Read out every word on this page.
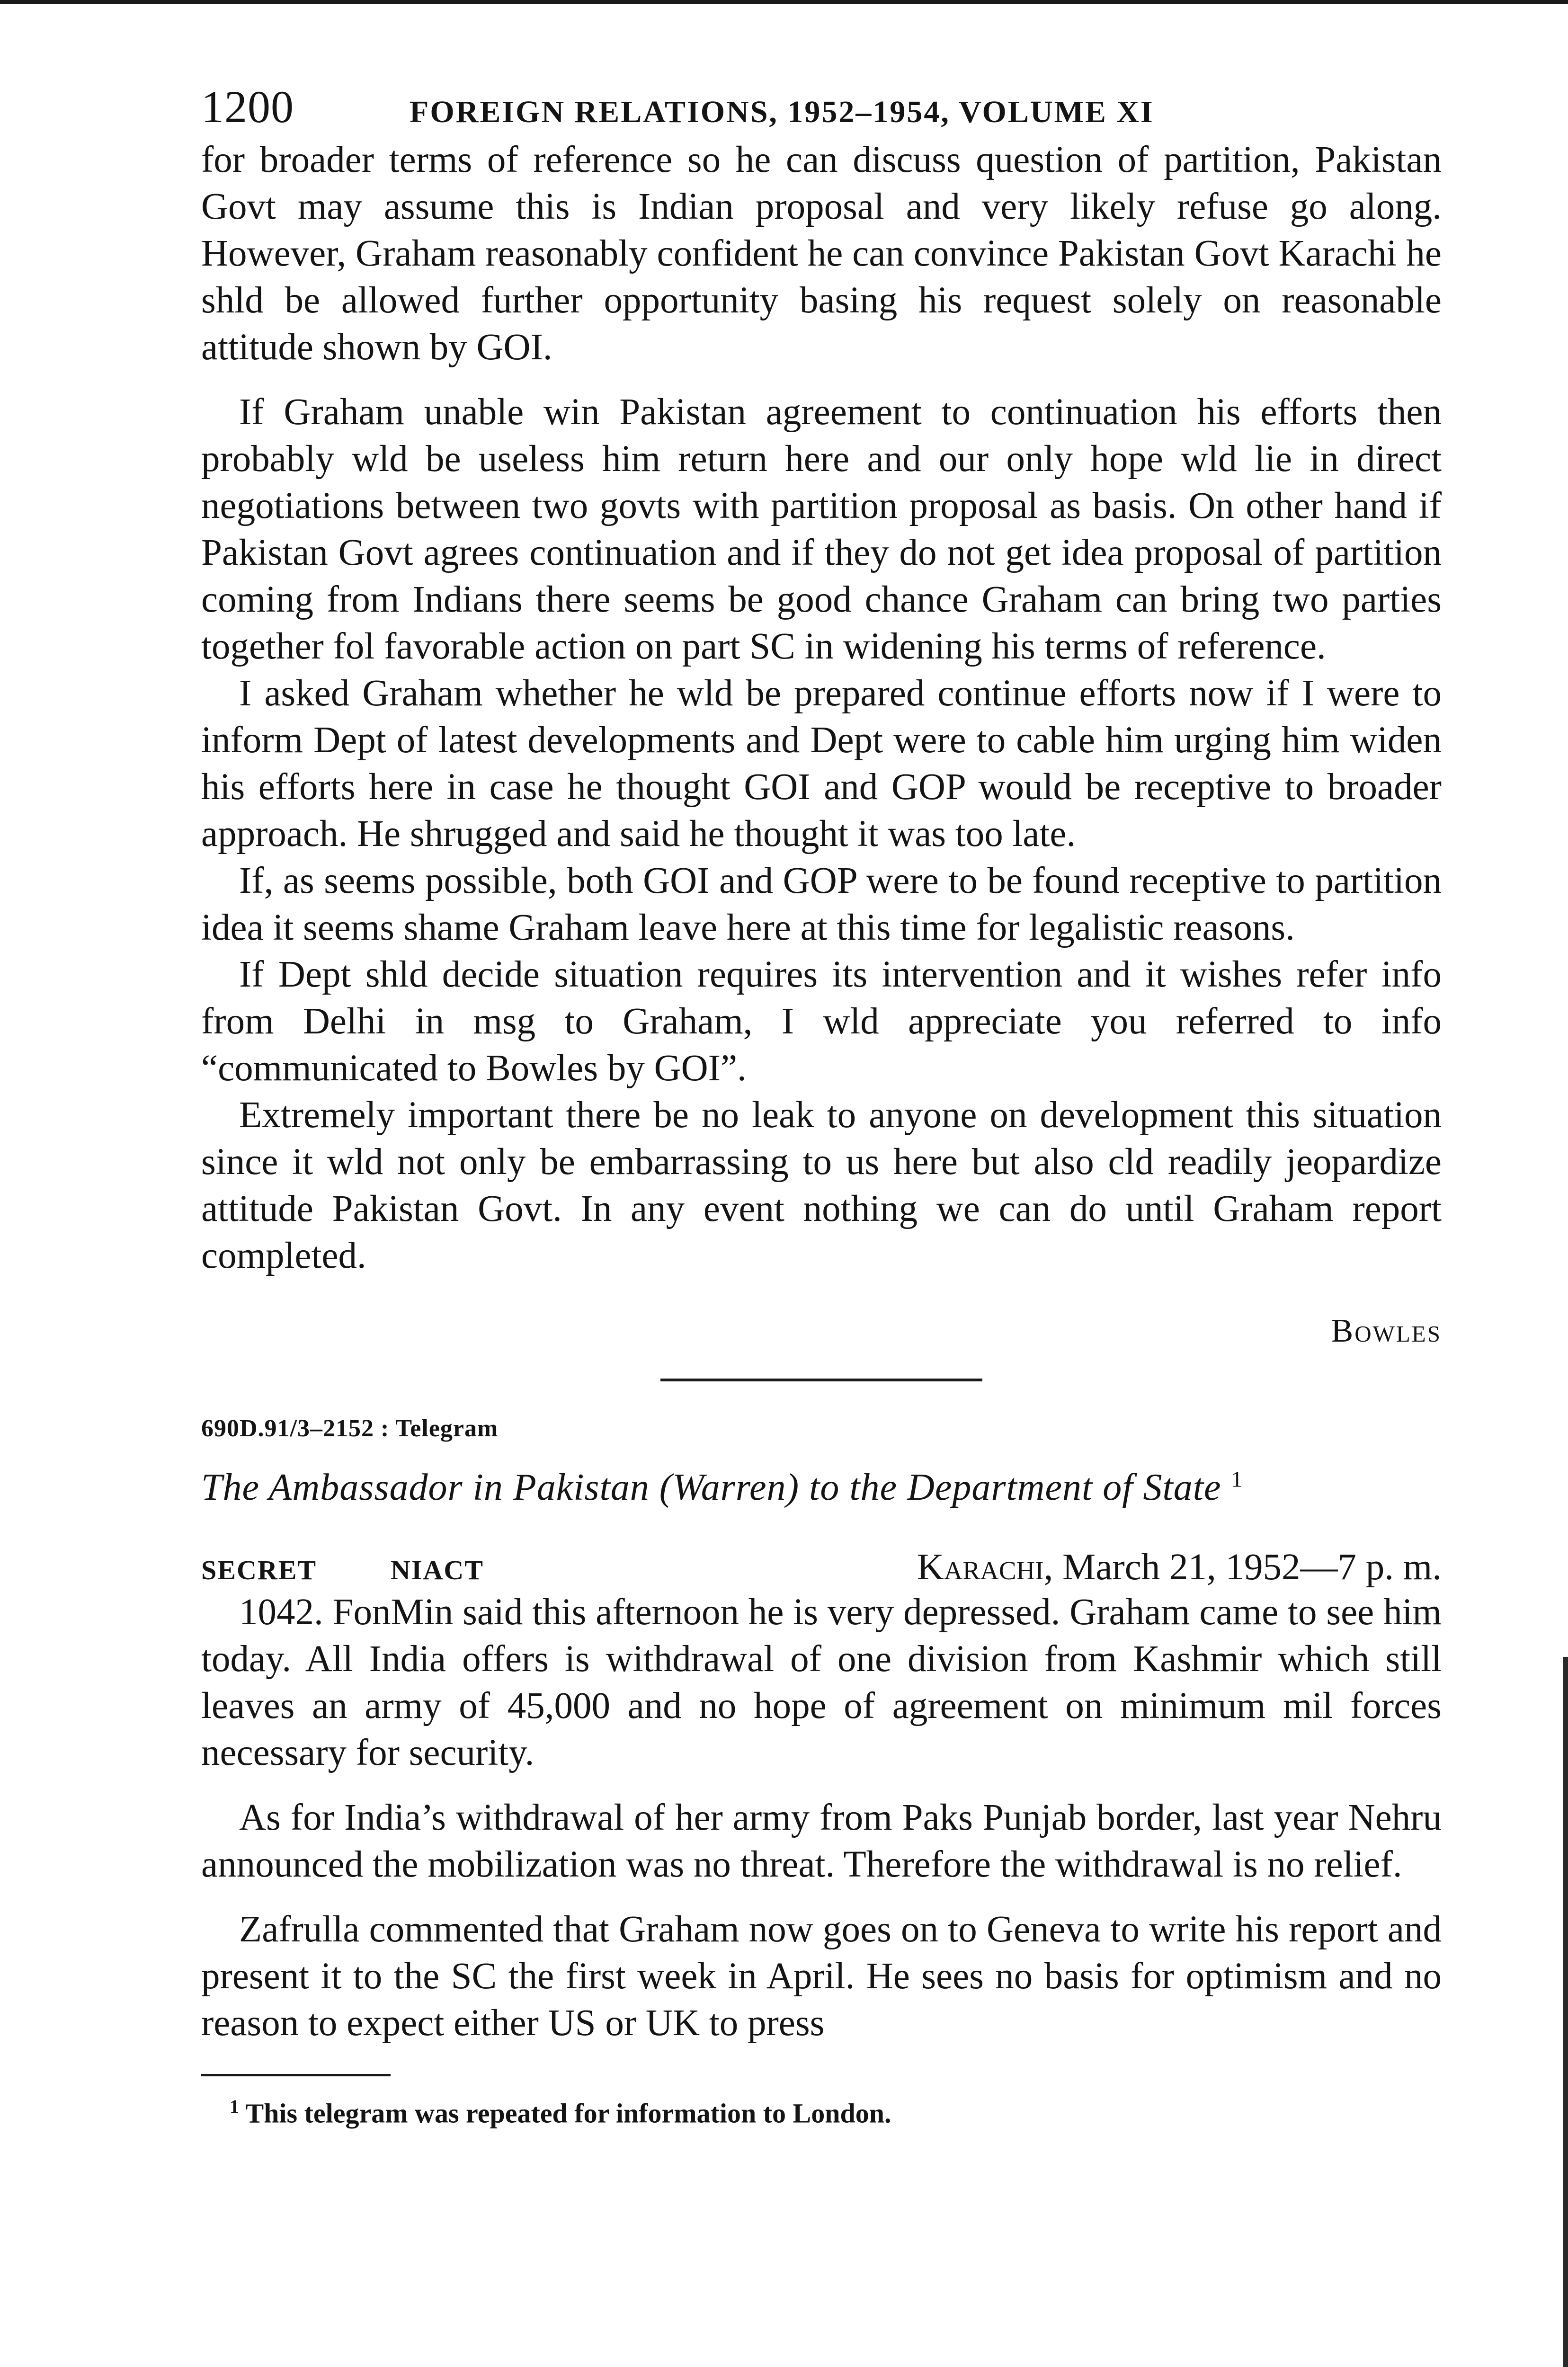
1200	FOREIGN RELATIONS, 1952–1954, VOLUME XI

for broader terms of reference so he can discuss question of partition, Pakistan Govt may assume this is Indian proposal and very likely refuse go along. However, Graham reasonably confident he can convince Pakistan Govt Karachi he shld be allowed further opportunity basing his request solely on reasonable attitude shown by GOI.

If Graham unable win Pakistan agreement to continuation his efforts then probably wld be useless him return here and our only hope wld lie in direct negotiations between two govts with partition proposal as basis. On other hand if Pakistan Govt agrees continuation and if they do not get idea proposal of partition coming from Indians there seems be good chance Graham can bring two parties together fol favorable action on part SC in widening his terms of reference.

I asked Graham whether he wld be prepared continue efforts now if I were to inform Dept of latest developments and Dept were to cable him urging him widen his efforts here in case he thought GOI and GOP would be receptive to broader approach. He shrugged and said he thought it was too late.

If, as seems possible, both GOI and GOP were to be found receptive to partition idea it seems shame Graham leave here at this time for legalistic reasons.

If Dept shld decide situation requires its intervention and it wishes refer info from Delhi in msg to Graham, I wld appreciate you referred to info “communicated to Bowles by GOI”.

Extremely important there be no leak to anyone on development this situation since it wld not only be embarrassing to us here but also cld readily jeopardize attitude Pakistan Govt. In any event nothing we can do until Graham report completed.

Bowles
690D.91/3–2152 : Telegram
The Ambassador in Pakistan (Warren) to the Department of State $^1$
SECRET	NIACT	Karachi, March 21, 1952—7 p. m.

1042. FonMin said this afternoon he is very depressed. Graham came to see him today. All India offers is withdrawal of one division from Kashmir which still leaves an army of 45,000 and no hope of agreement on minimum mil forces necessary for security.

As for India’s withdrawal of her army from Paks Punjab border, last year Nehru announced the mobilization was no threat. Therefore the withdrawal is no relief.

Zafrulla commented that Graham now goes on to Geneva to write his report and present it to the SC the first week in April. He sees no basis for optimism and no reason to expect either US or UK to press

$^1$ This telegram was repeated for information to London.
